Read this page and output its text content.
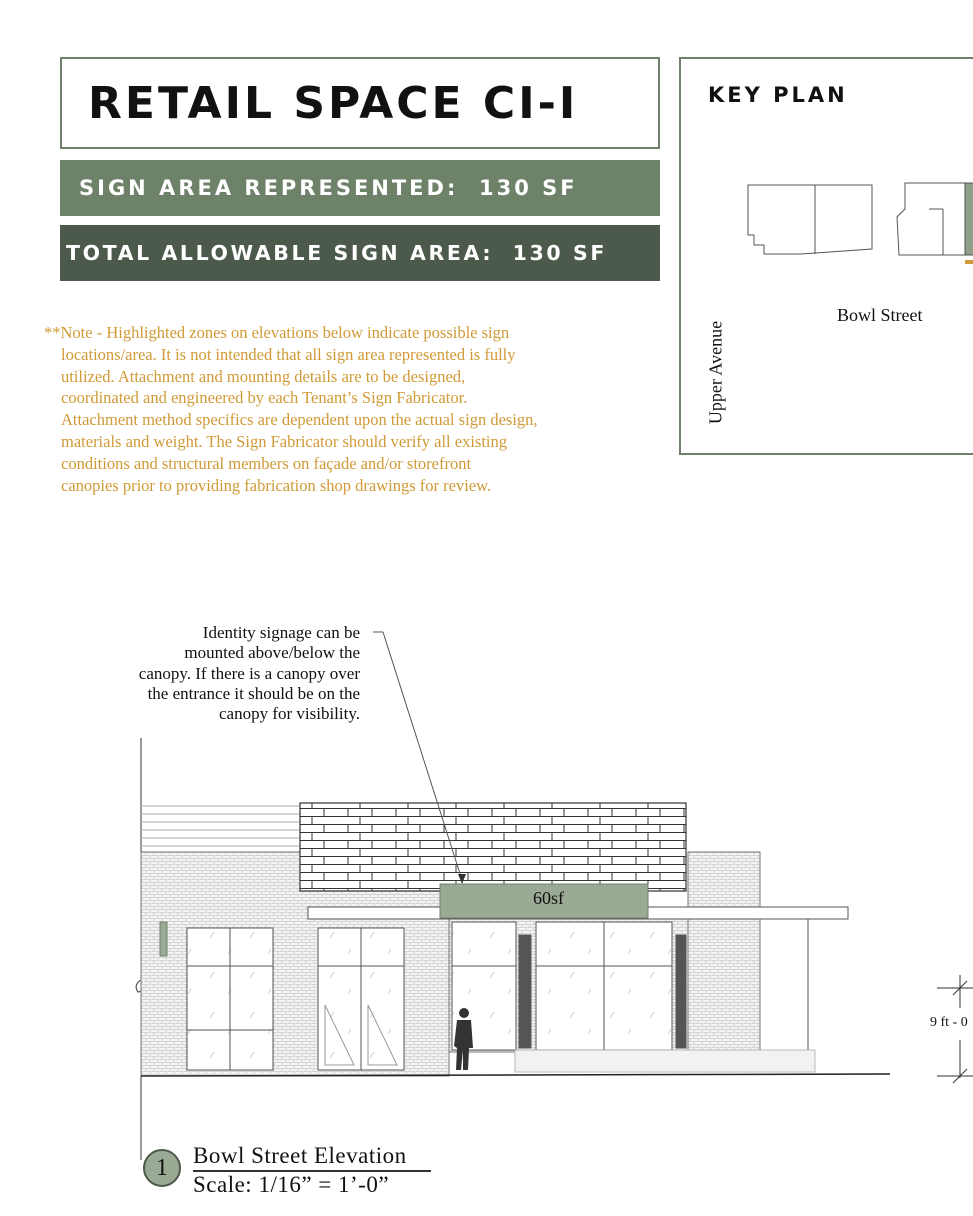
RETAIL SPACE CI-I
SIGN AREA REPRESENTED:  130 SF
TOTAL ALLOWABLE SIGN AREA:  130 SF
**Note - Highlighted zones on elevations below indicate possible sign
locations/area. It is not intended that all sign area represented is fully
utilized. Attachment and mounting details are to be designed,
coordinated and engineered by each Tenant’s Sign Fabricator.
Attachment method specifics are dependent upon the actual sign design,
materials and weight. The Sign Fabricator should verify all existing
conditions and structural members on façade and/or storefront
canopies prior to providing fabrication shop drawings for review.
KEY PLAN
Bowl Street
Upper Avenue
Identity signage can be
mounted above/below the
canopy. If there is a canopy over
the entrance it should be on the
canopy for visibility.
60sf
9 ft - 0
1 Bowl Street Elevation
Scale: 1/16” = 1’-0”
